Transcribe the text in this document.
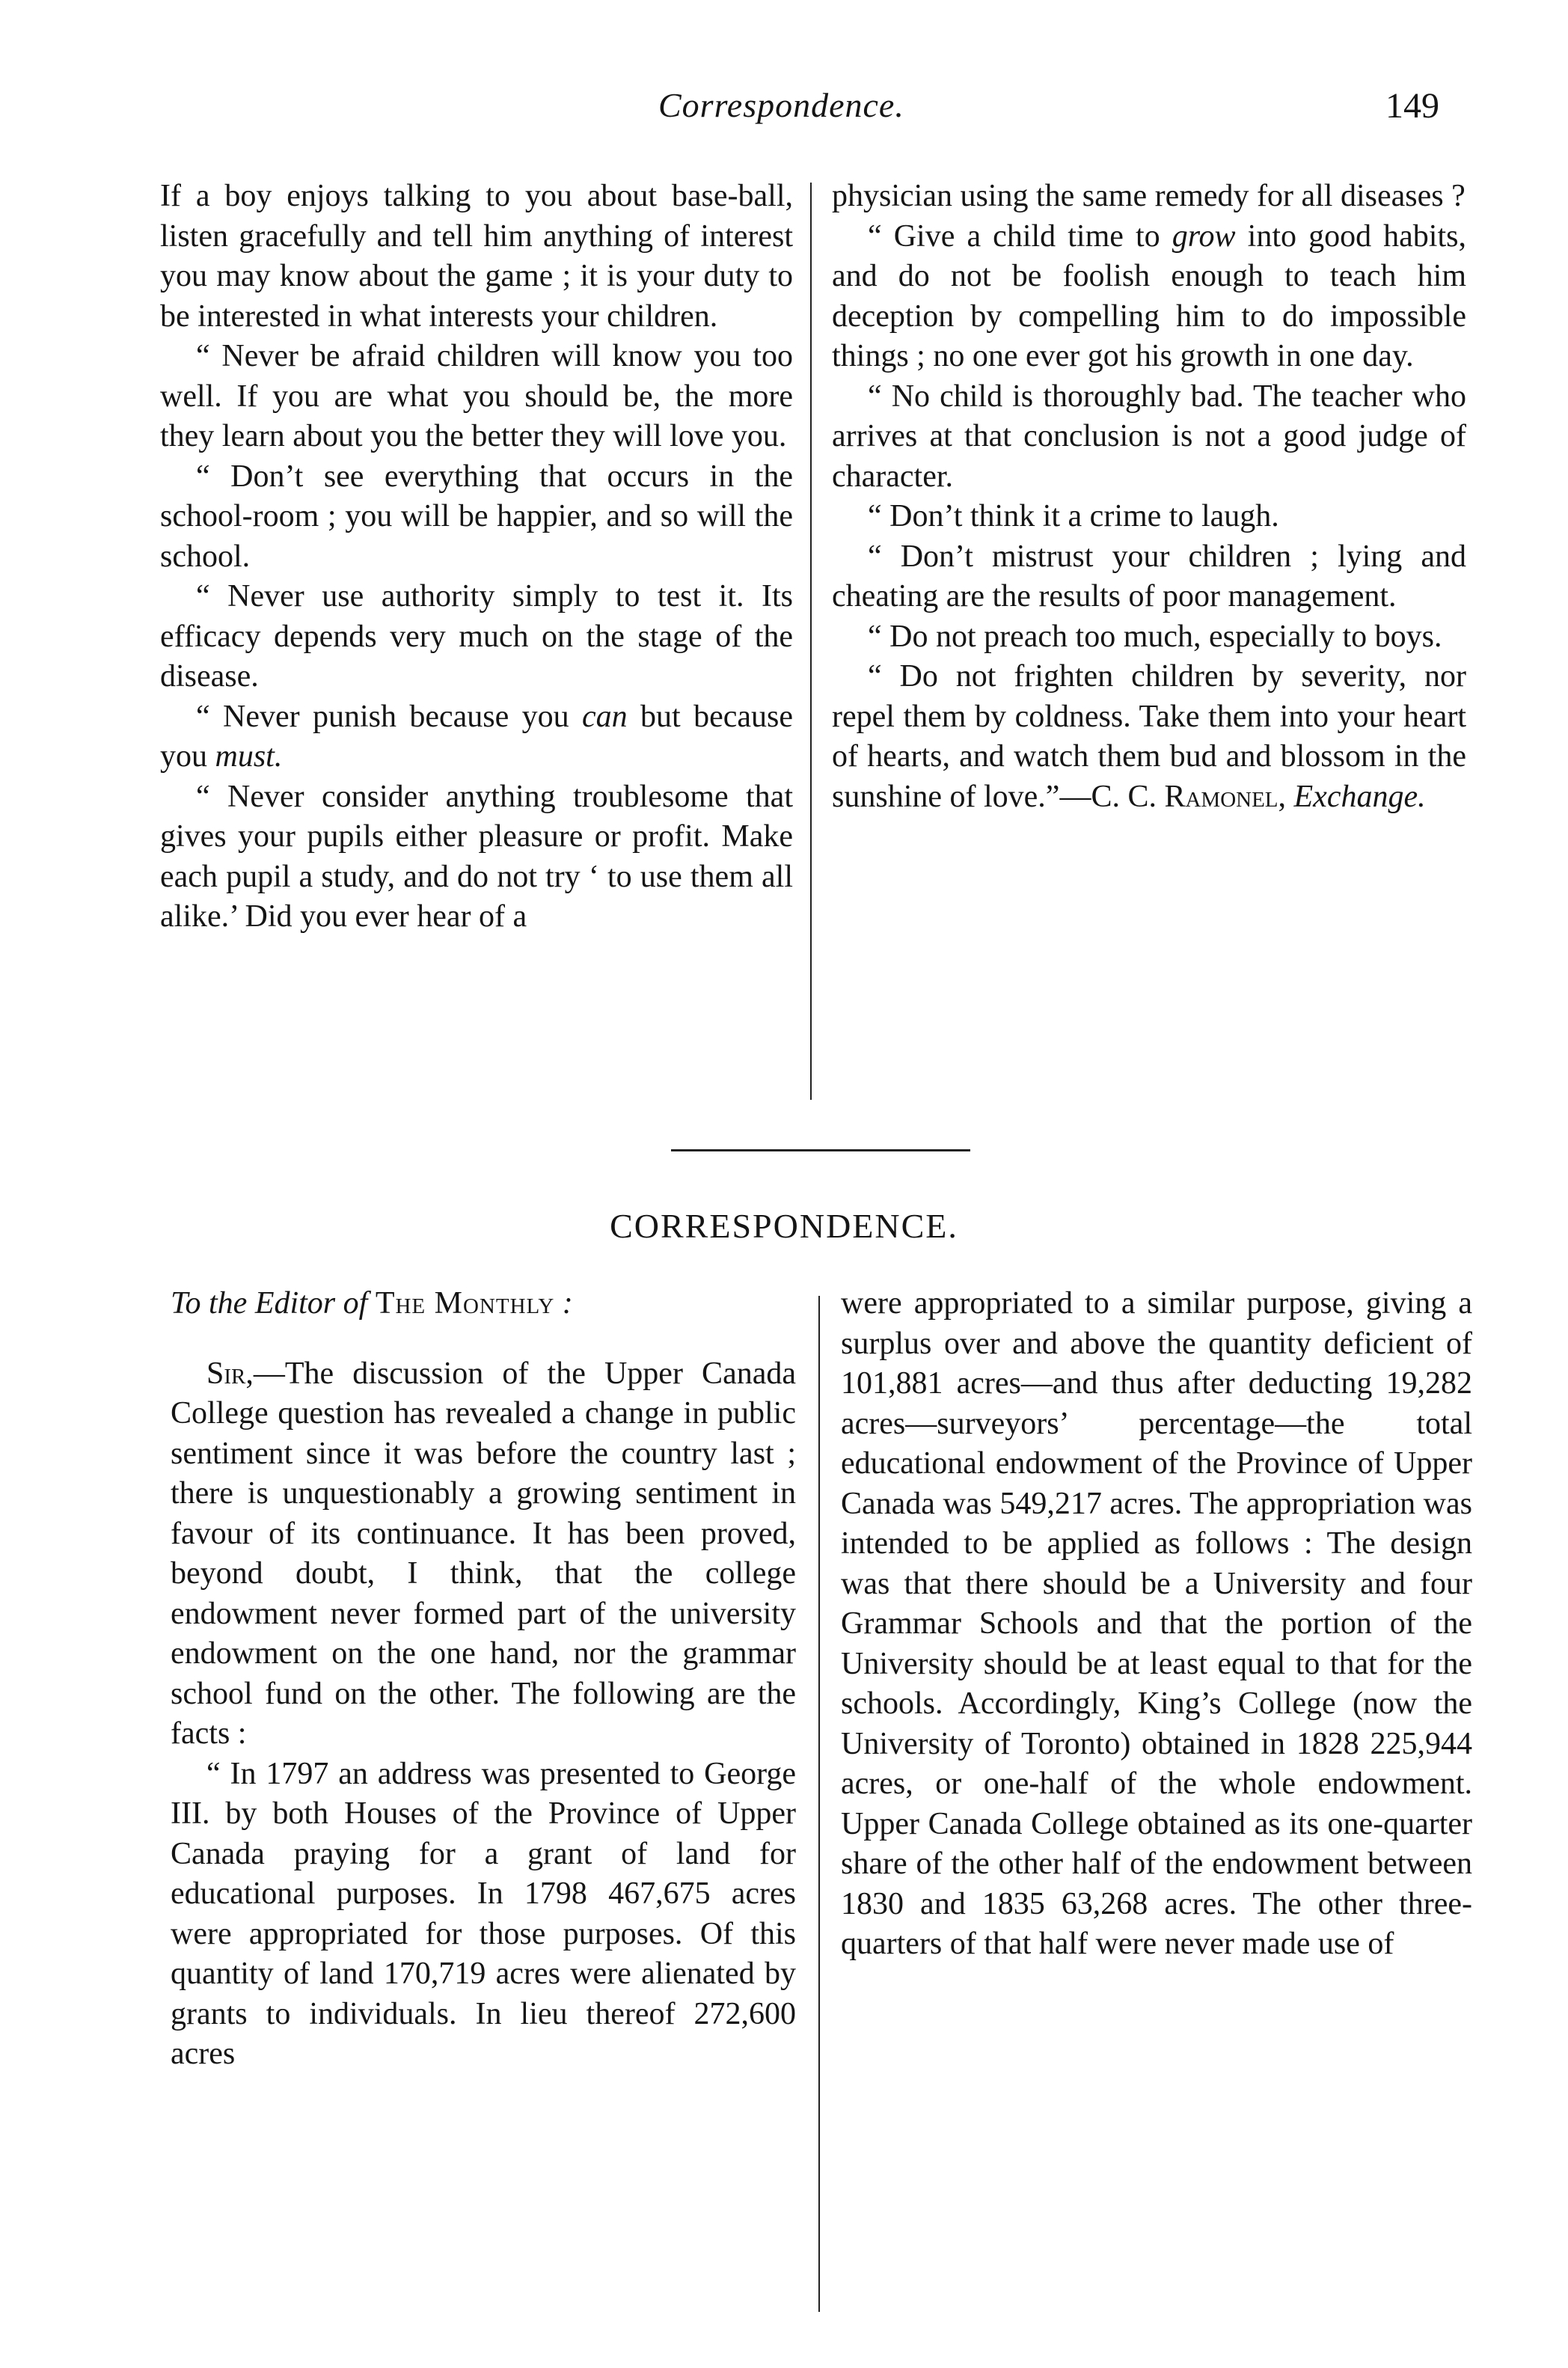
Correspondence.	149

If a boy enjoys talking to you about base-ball, listen gracefully and tell him anything of interest you may know about the game ; it is your duty to be interested in what interests your children.

“ Never be afraid children will know you too well. If you are what you should be, the more they learn about you the better they will love you.

“ Don’t see everything that occurs in the school-room ; you will be happier, and so will the school.

“ Never use authority simply to test it. Its efficacy depends very much on the stage of the disease.

“ Never punish because you can but because you must.

“ Never consider anything troublesome that gives your pupils either pleasure or profit. Make each pupil a study, and do not try ‘ to use them all alike.’ Did you ever hear of a

physician using the same remedy for all diseases ?

“ Give a child time to grow into good habits, and do not be foolish enough to teach him deception by compelling him to do impossible things ; no one ever got his growth in one day.

“ No child is thoroughly bad. The teacher who arrives at that conclusion is not a good judge of character.

“ Don’t think it a crime to laugh.

“ Don’t mistrust your children ; lying and cheating are the results of poor management.

“ Do not preach too much, especially to boys.

“ Do not frighten children by severity, nor repel them by coldness. Take them into your heart of hearts, and watch them bud and blossom in the sunshine of love.”—C. C. Ramonel, Exchange.

CORRESPONDENCE.

To the Editor of The Monthly :

Sir,—The discussion of the Upper Canada College question has revealed a change in public sentiment since it was before the country last ; there is unquestionably a growing sentiment in favour of its continuance. It has been proved, beyond doubt, I think, that the college endowment never formed part of the university endowment on the one hand, nor the grammar school fund on the other. The following are the facts :

“ In 1797 an address was presented to George III. by both Houses of the Province of Upper Canada praying for a grant of land for educational purposes. In 1798 467,675 acres were appropriated for those purposes. Of this quantity of land 170,719 acres were alienated by grants to individuals. In lieu thereof 272,600 acres

were appropriated to a similar purpose, giving a surplus over and above the quantity deficient of 101,881 acres—and thus after deducting 19,282 acres—surveyors’ percentage—the total educational endowment of the Province of Upper Canada was 549,217 acres. The appropriation was intended to be applied as follows : The design was that there should be a University and four Grammar Schools and that the portion of the University should be at least equal to that for the schools. Accordingly, King’s College (now the University of Toronto) obtained in 1828 225,944 acres, or one-half of the whole endowment. Upper Canada College obtained as its one-quarter share of the other half of the endowment between 1830 and 1835 63,268 acres. The other three-quarters of that half were never made use of
